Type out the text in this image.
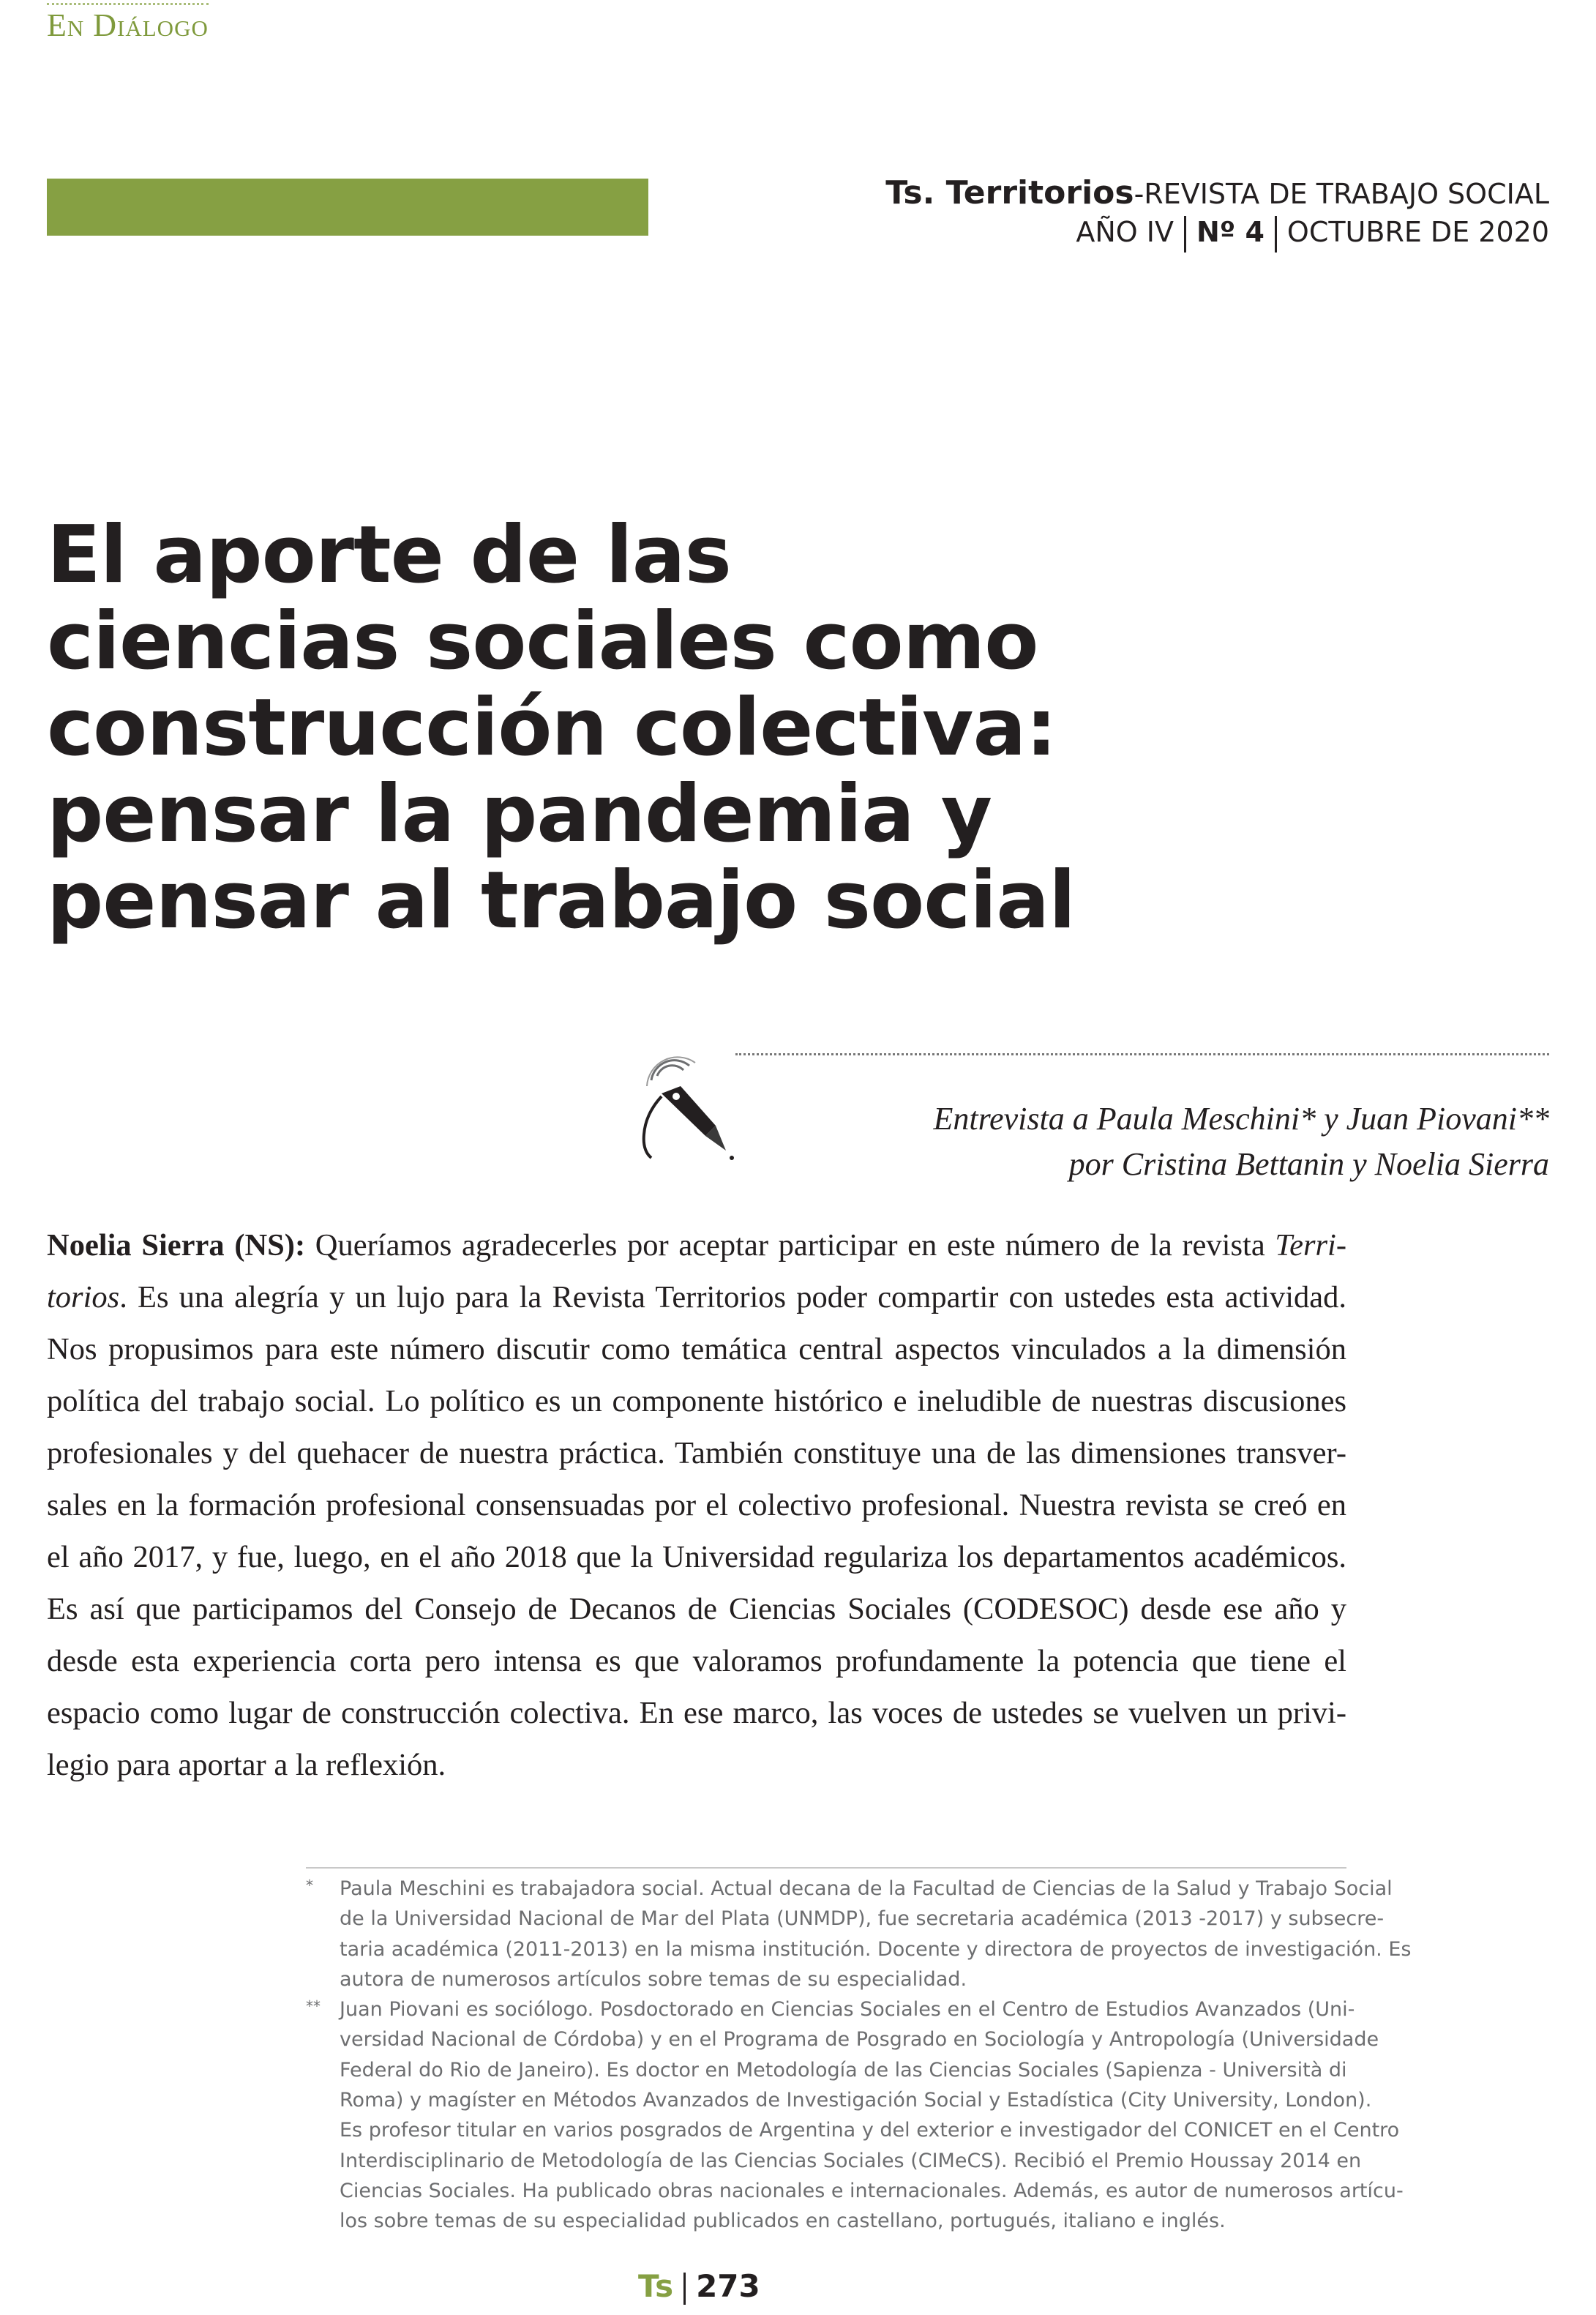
En Diálogo
Ts. Territorios-REVISTA DE TRABAJO SOCIAL
AÑO IV Nº 4 OCTUBRE DE 2020
El aporte de las
ciencias sociales como
construcción colectiva:
pensar la pandemia y
pensar al trabajo social
Entrevista a Paula Meschini* y Juan Piovani**
por Cristina Bettanin y Noelia Sierra
Noelia Sierra (NS): Queríamos agradecerles por aceptar participar en este número de la revista Terri-
torios. Es una alegría y un lujo para la Revista Territorios poder compartir con ustedes esta actividad.
Nos propusimos para este número discutir como temática central aspectos vinculados a la dimensión
política del trabajo social. Lo político es un componente histórico e ineludible de nuestras discusiones
profesionales y del quehacer de nuestra práctica. También constituye una de las dimensiones transver-
sales en la formación profesional consensuadas por el colectivo profesional. Nuestra revista se creó en
el año 2017, y fue, luego, en el año 2018 que la Universidad regulariza los departamentos académicos.
Es así que participamos del Consejo de Decanos de Ciencias Sociales (CODESOC) desde ese año y
desde esta experiencia corta pero intensa es que valoramos profundamente la potencia que tiene el
espacio como lugar de construcción colectiva. En ese marco, las voces de ustedes se vuelven un privi-
legio para aportar a la reflexión.
* Paula Meschini es trabajadora social. Actual decana de la Facultad de Ciencias de la Salud y Trabajo Social
de la Universidad Nacional de Mar del Plata (UNMDP), fue secretaria académica (2013 -2017) y subsecre-
taria académica (2011-2013) en la misma institución. Docente y directora de proyectos de investigación. Es
autora de numerosos artículos sobre temas de su especialidad.
** Juan Piovani es sociólogo. Posdoctorado en Ciencias Sociales en el Centro de Estudios Avanzados (Uni-
versidad Nacional de Córdoba) y en el Programa de Posgrado en Sociología y Antropología (Universidade
Federal do Rio de Janeiro). Es doctor en Metodología de las Ciencias Sociales (Sapienza - Università di
Roma) y magíster en Métodos Avanzados de Investigación Social y Estadística (City University, London).
Es profesor titular en varios posgrados de Argentina y del exterior e investigador del CONICET en el Centro
Interdisciplinario de Metodología de las Ciencias Sociales (CIMeCS). Recibió el Premio Houssay 2014 en
Ciencias Sociales. Ha publicado obras nacionales e internacionales. Además, es autor de numerosos artícu-
los sobre temas de su especialidad publicados en castellano, portugués, italiano e inglés.
Ts 273
